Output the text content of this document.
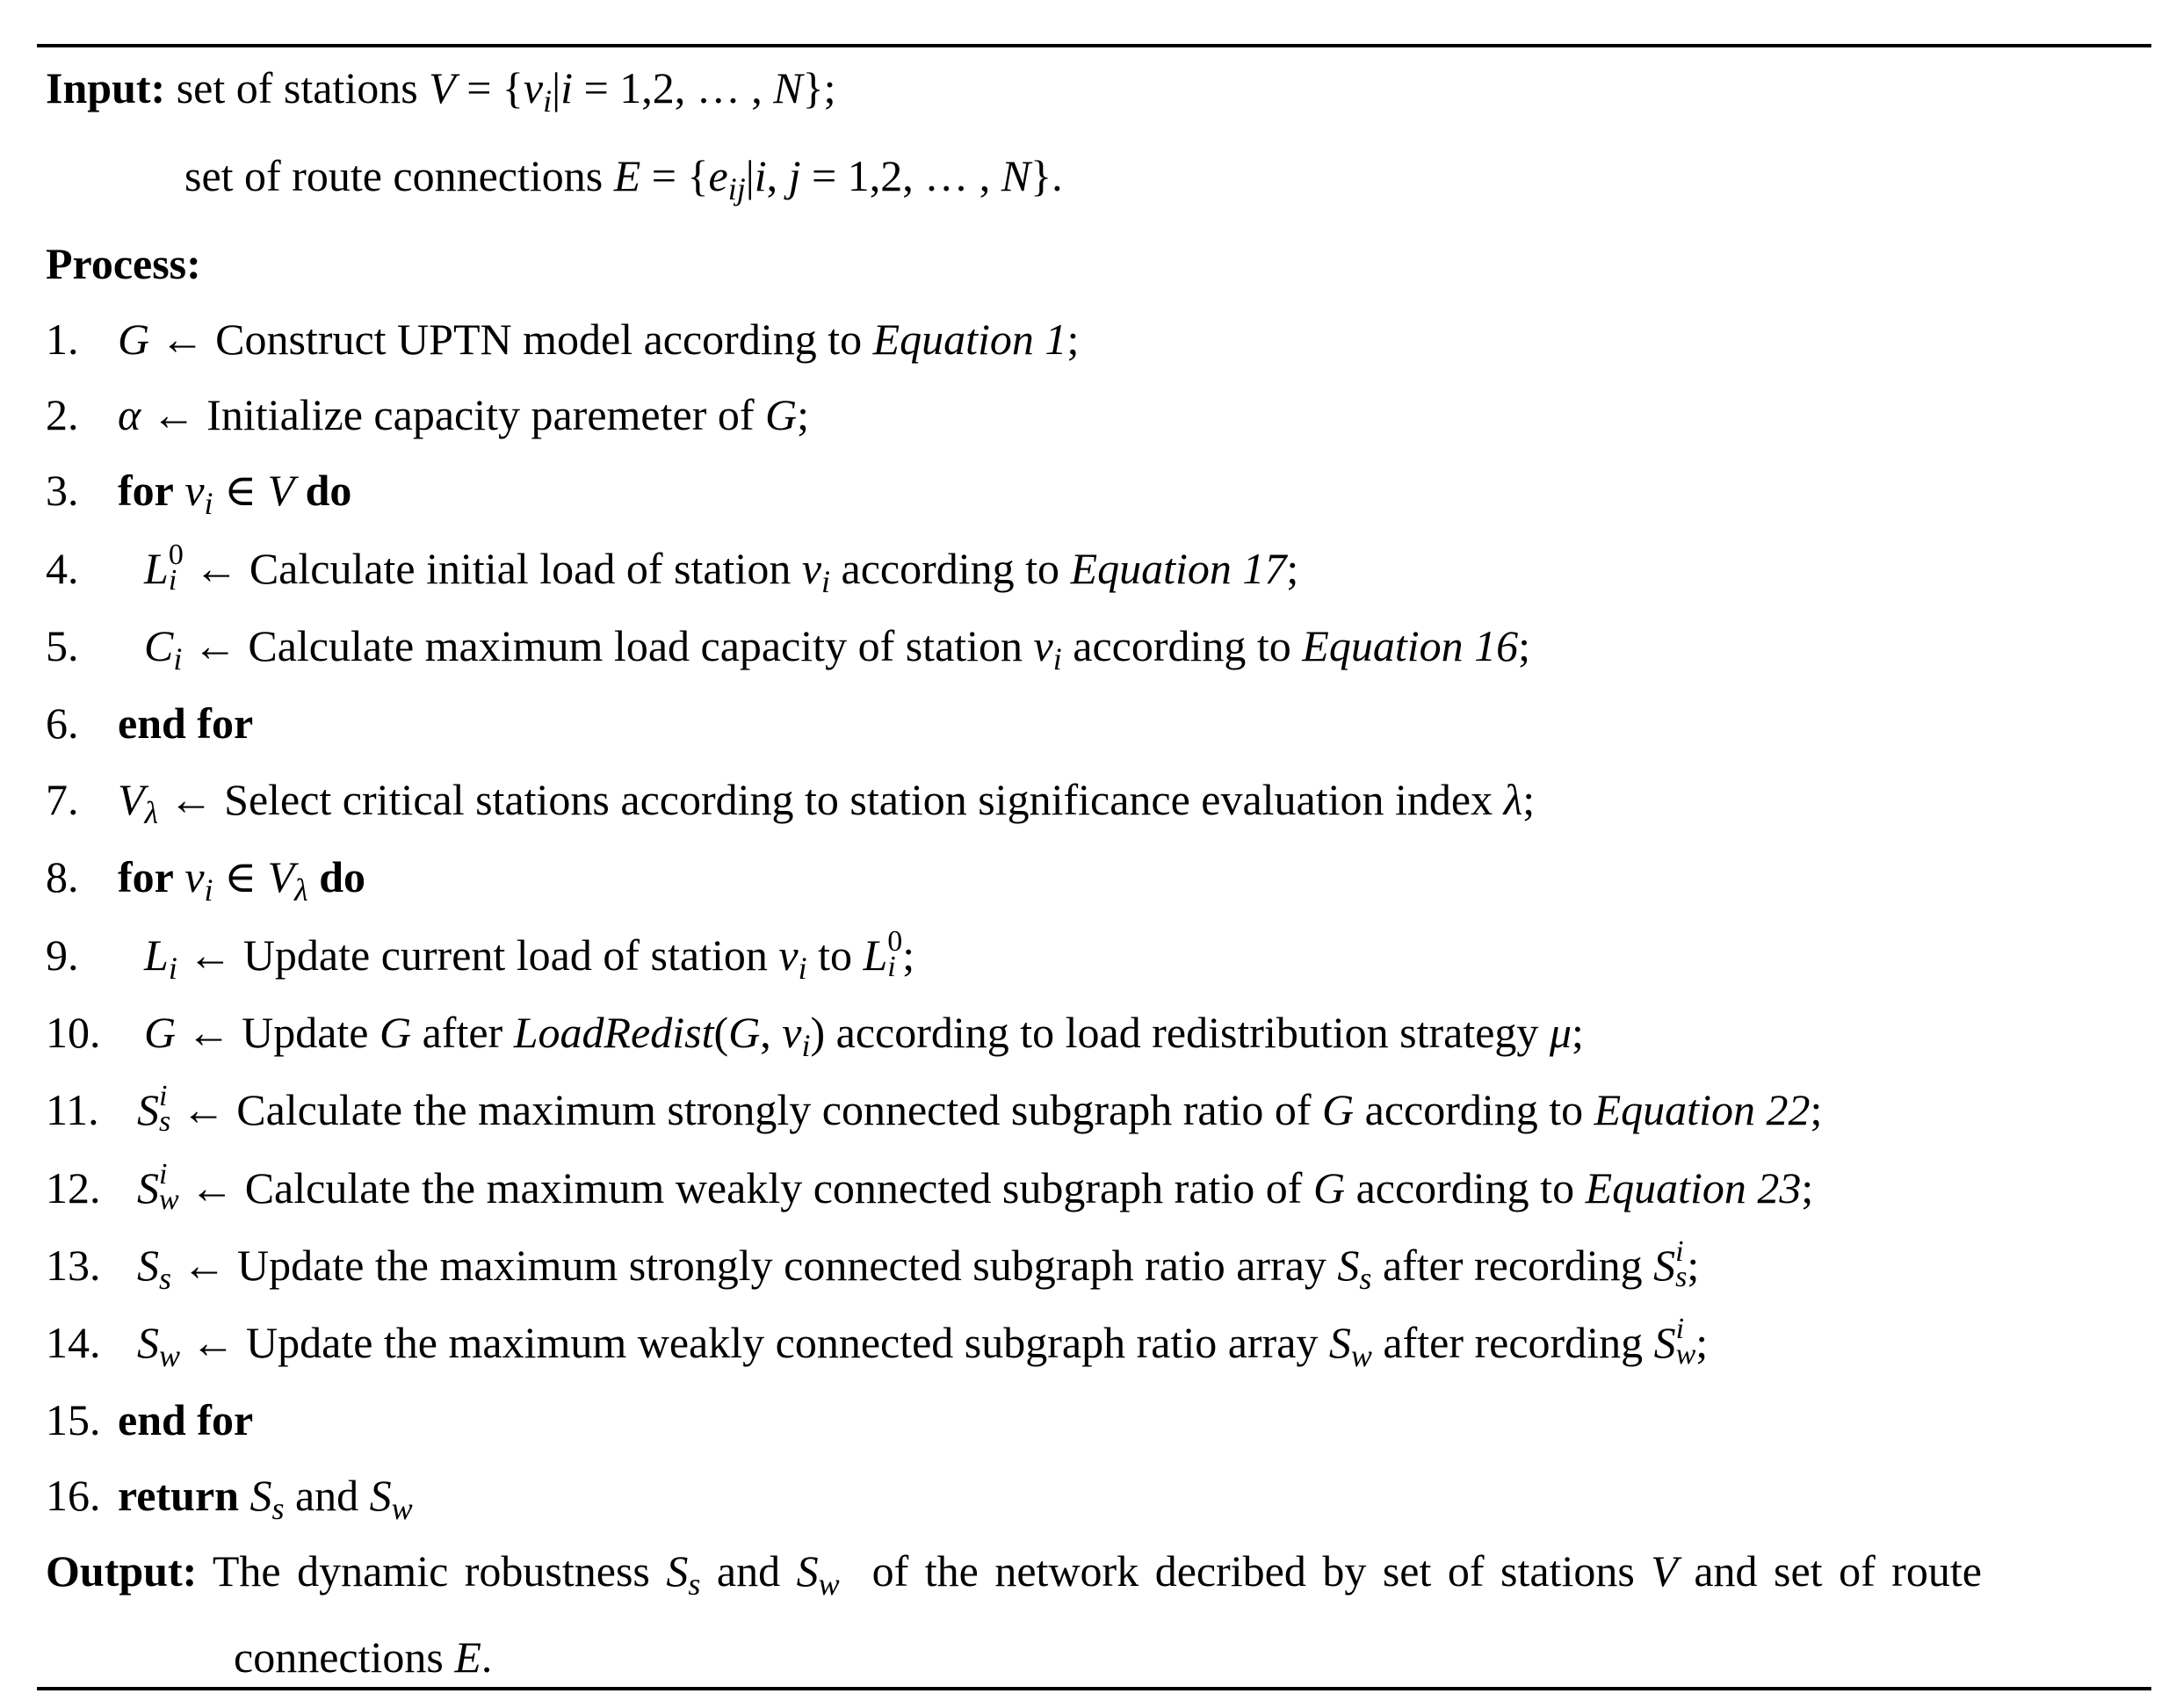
Input: set of stations $V = \{v_i|i = 1,2$, … , N};
set of route connections $E = \{e_{ij}|i$, j = 1,2, … , N}.
Process:
1. G ← Construct UPTN model according to Equation 1;
2. α ← Initialize capacity paremeter of G;
3. for $v_i$ ∈ V do
4. L 0
i ← Calculate initial load of station $v_i$ according to Equation 17;
5. $C_i$ ← Calculate maximum load capacity of station $v_i$ according to Equation 16;
6. end for
7. $V_\lambda$ ← Select critical stations according to station significance evaluation index λ;
8. for $v_i$ ∈ $V_\lambda$ do
9. $L_i$ ← Update current load of station $v_i$ to L 0
i ;
10. G ← Update G after LoadRedist(G, $v_i$) according to load redistribution strategy μ;
11. S i
s ← Calculate the maximum strongly connected subgraph ratio of G according to Equation 22;
12. S i
w ← Calculate the maximum weakly connected subgraph ratio of G according to Equation 23;
13. $S_s$ ← Update the maximum strongly connected subgraph ratio array $S_s$ after recording S i
s ;
14. $S_w$ ← Update the maximum weakly connected subgraph ratio array $S_w$ after recording S i
w ;
15. end for
16. return $S_s$ and $S_w$
Output: The dynamic robustness $S_s$ and $S_w$ of the network decribed by set of stations V and set of route
connections E.
